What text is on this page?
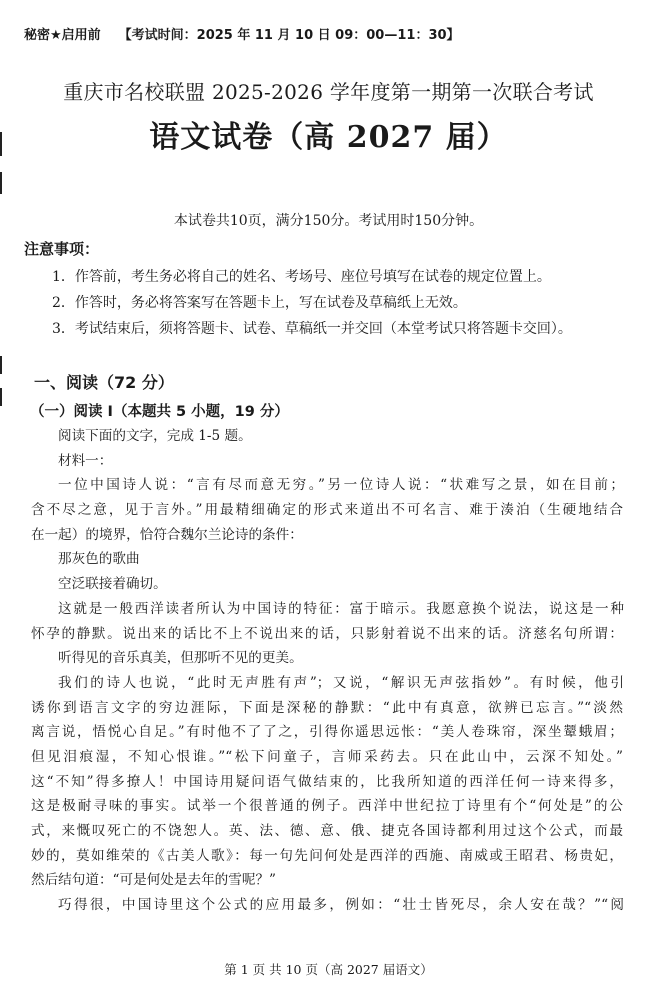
秘密★启用前 【考试时间：2025 年 11 月 10 日 09：00—11：30】
重庆市名校联盟 2025-2026 学年度第一期第一次联合考试
语文试卷（高 2027 届）
本试卷共10页，满分150分。考试用时150分钟。
注意事项：
1．作答前，考生务必将自己的姓名、考场号、座位号填写在试卷的规定位置上。
2．作答时，务必将答案写在答题卡上，写在试卷及草稿纸上无效。
3．考试结束后，须将答题卡、试卷、草稿纸一并交回（本堂考试只将答题卡交回）。
一、阅读（72 分）
（一）阅读 I（本题共 5 小题，19 分）
阅读下面的文字，完成 1-5 题。
材料一：
一位中国诗人说：“言有尽而意无穷。”另一位诗人说：“状难写之景，如在目前；
含不尽之意，见于言外。”用最精细确定的形式来道出不可名言、难于湊泊（生硬地结合
在一起）的境界，恰符合魏尔兰论诗的条件：
那灰色的歌曲
空泛联接着确切。
这就是一般西洋读者所认为中国诗的特征：富于暗示。我愿意换个说法，说这是一种
怀孕的静默。说出来的话比不上不说出来的话，只影射着说不出来的话。济慈名句所谓：
听得见的音乐真美，但那听不见的更美。
我们的诗人也说，“此时无声胜有声”；又说，“解识无声弦指妙”。有时候，他引
诱你到语言文字的穷边涯际，下面是深秘的静默：“此中有真意，欲辨已忘言。”“淡然
离言说，悟悦心自足。”有时他不了了之，引得你遥思远怅：“美人卷珠帘，深坐颦蛾眉；
但见泪痕湿，不知心恨谁。”“松下问童子，言师采药去。只在此山中，云深不知处。”
这“不知”得多撩人！中国诗用疑问语气做结束的，比我所知道的西洋任何一诗来得多，
这是极耐寻味的事实。试举一个很普通的例子。西洋中世纪拉丁诗里有个“何处是”的公
式，来慨叹死亡的不饶恕人。英、法、德、意、俄、捷克各国诗都利用过这个公式，而最
妙的，莫如维荣的《古美人歌》：每一句先问何处是西洋的西施、南威或王昭君、杨贵妃，
然后结句道：“可是何处是去年的雪呢？”
巧得很，中国诗里这个公式的应用最多，例如：“壮士皆死尽，余人安在哉？”“阅
第 1 页 共 10 页（高 2027 届语文）
